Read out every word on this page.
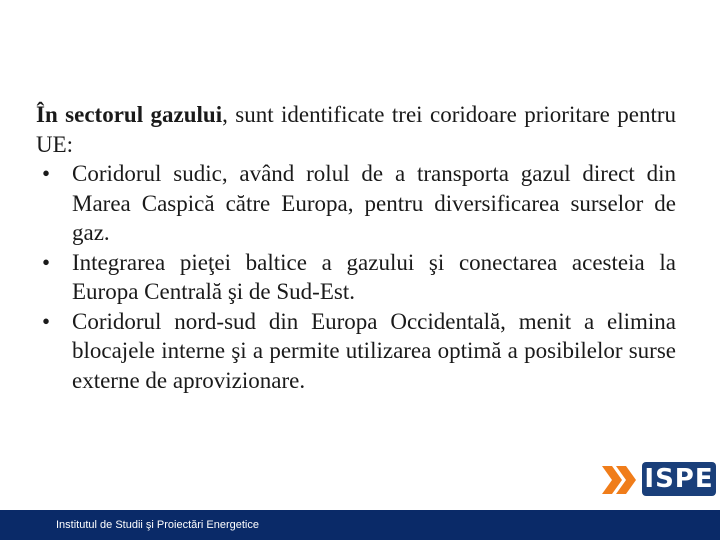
În sectorul gazului, sunt identificate trei coridoare prioritare pentru UE:

• Coridorul sudic, având rolul de a transporta gazul direct din Marea Caspică către Europa, pentru diversificarea surselor de gaz.
• Integrarea pieţei baltice a gazului şi conectarea acesteia la Europa Centrală şi de Sud-Est.
• Coridorul nord-sud din Europa Occidentală, menit a elimina blocajele interne şi a permite utilizarea optimă a posibilelor surse externe de aprovizionare.
ISPE
Institutul de Studii şi Proiectări Energetice
